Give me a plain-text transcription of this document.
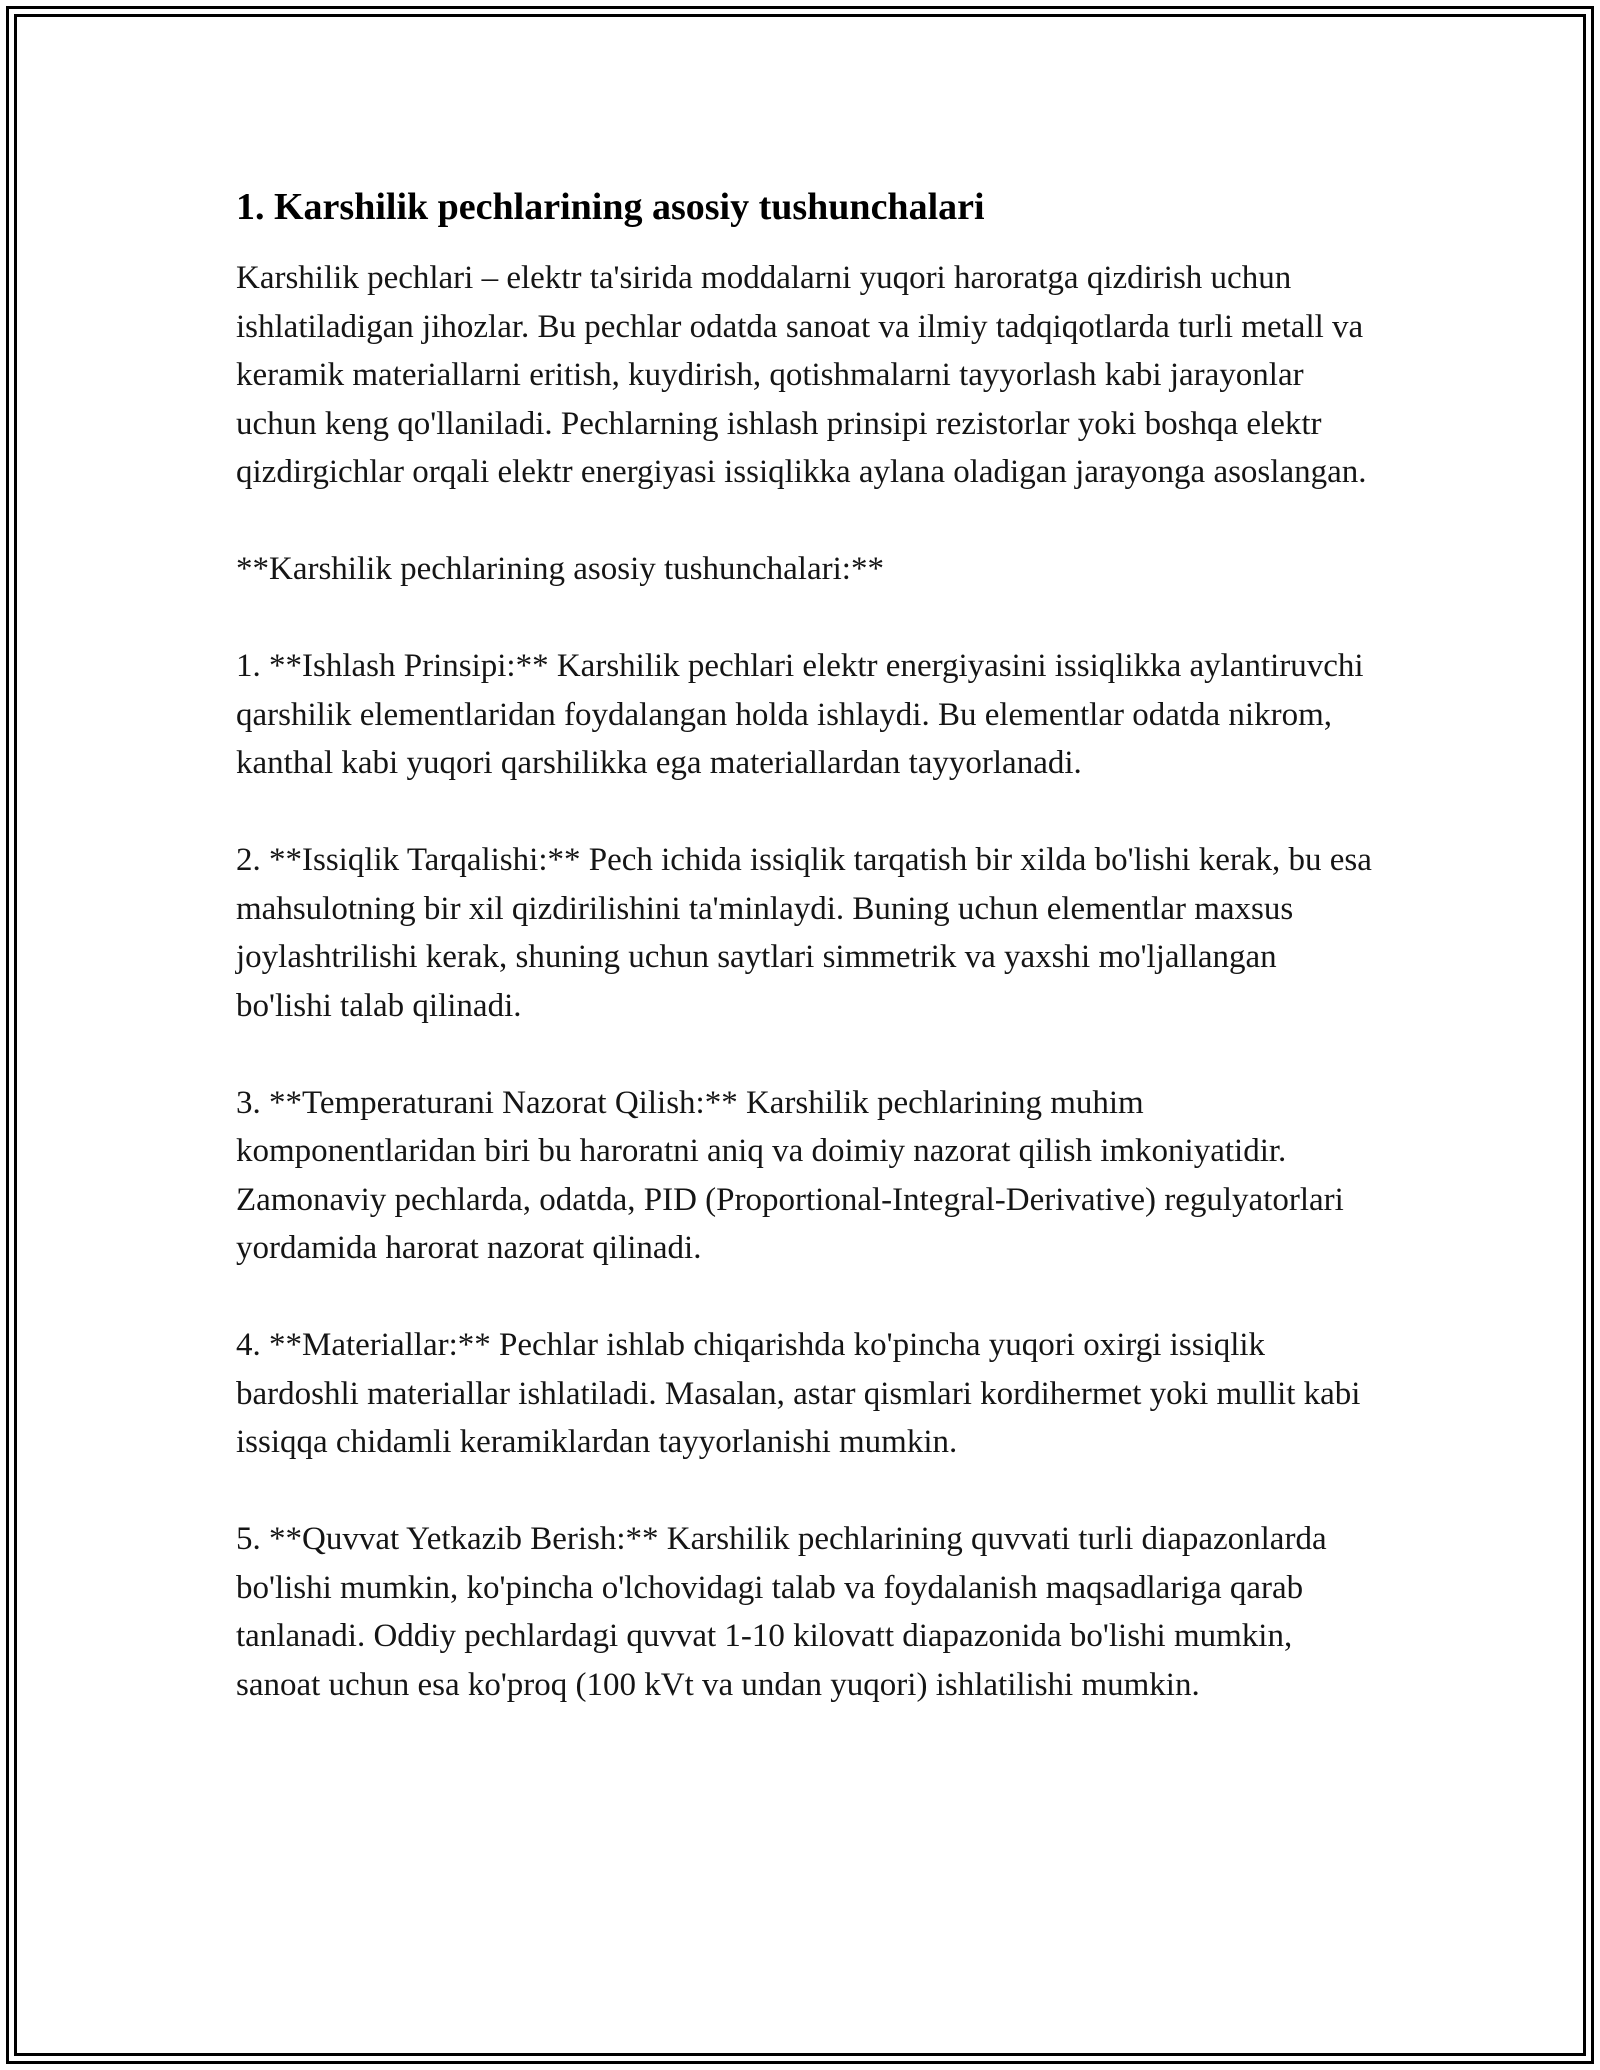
1. Karshilik pechlarining asosiy tushunchalari

Karshilik pechlari – elektr ta'sirida moddalarni yuqori haroratga qizdirish uchun ishlatiladigan jihozlar. Bu pechlar odatda sanoat va ilmiy tadqiqotlarda turli metall va keramik materiallarni eritish, kuydirish, qotishmalarni tayyorlash kabi jarayonlar uchun keng qo'llaniladi. Pechlarning ishlash prinsipi rezistorlar yoki boshqa elektr qizdirgichlar orqali elektr energiyasi issiqlikka aylana oladigan jarayonga asoslangan.

**Karshilik pechlarining asosiy tushunchalari:**

1. **Ishlash Prinsipi:** Karshilik pechlari elektr energiyasini issiqlikka aylantiruvchi qarshilik elementlaridan foydalangan holda ishlaydi. Bu elementlar odatda nikrom, kanthal kabi yuqori qarshilikka ega materiallardan tayyorlanadi.

2. **Issiqlik Tarqalishi:** Pech ichida issiqlik tarqatish bir xilda bo'lishi kerak, bu esa mahsulotning bir xil qizdirilishini ta'minlaydi. Buning uchun elementlar maxsus joylashtrilishi kerak, shuning uchun saytlari simmetrik va yaxshi mo'ljallangan bo'lishi talab qilinadi.

3. **Temperaturani Nazorat Qilish:** Karshilik pechlarining muhim komponentlaridan biri bu haroratni aniq va doimiy nazorat qilish imkoniyatidir. Zamonaviy pechlarda, odatda, PID (Proportional-Integral-Derivative) regulyatorlari yordamida harorat nazorat qilinadi.

4. **Materiallar:** Pechlar ishlab chiqarishda ko'pincha yuqori oxirgi issiqlik bardoshli materiallar ishlatiladi. Masalan, astar qismlari kordihermet yoki mullit kabi issiqqa chidamli keramiklardan tayyorlanishi mumkin.

5. **Quvvat Yetkazib Berish:** Karshilik pechlarining quvvati turli diapazonlarda bo'lishi mumkin, ko'pincha o'lchovidagi talab va foydalanish maqsadlariga qarab tanlanadi. Oddiy pechlardagi quvvat 1-10 kilovatt diapazonida bo'lishi mumkin, sanoat uchun esa ko'proq (100 kVt va undan yuqori) ishlatilishi mumkin.
